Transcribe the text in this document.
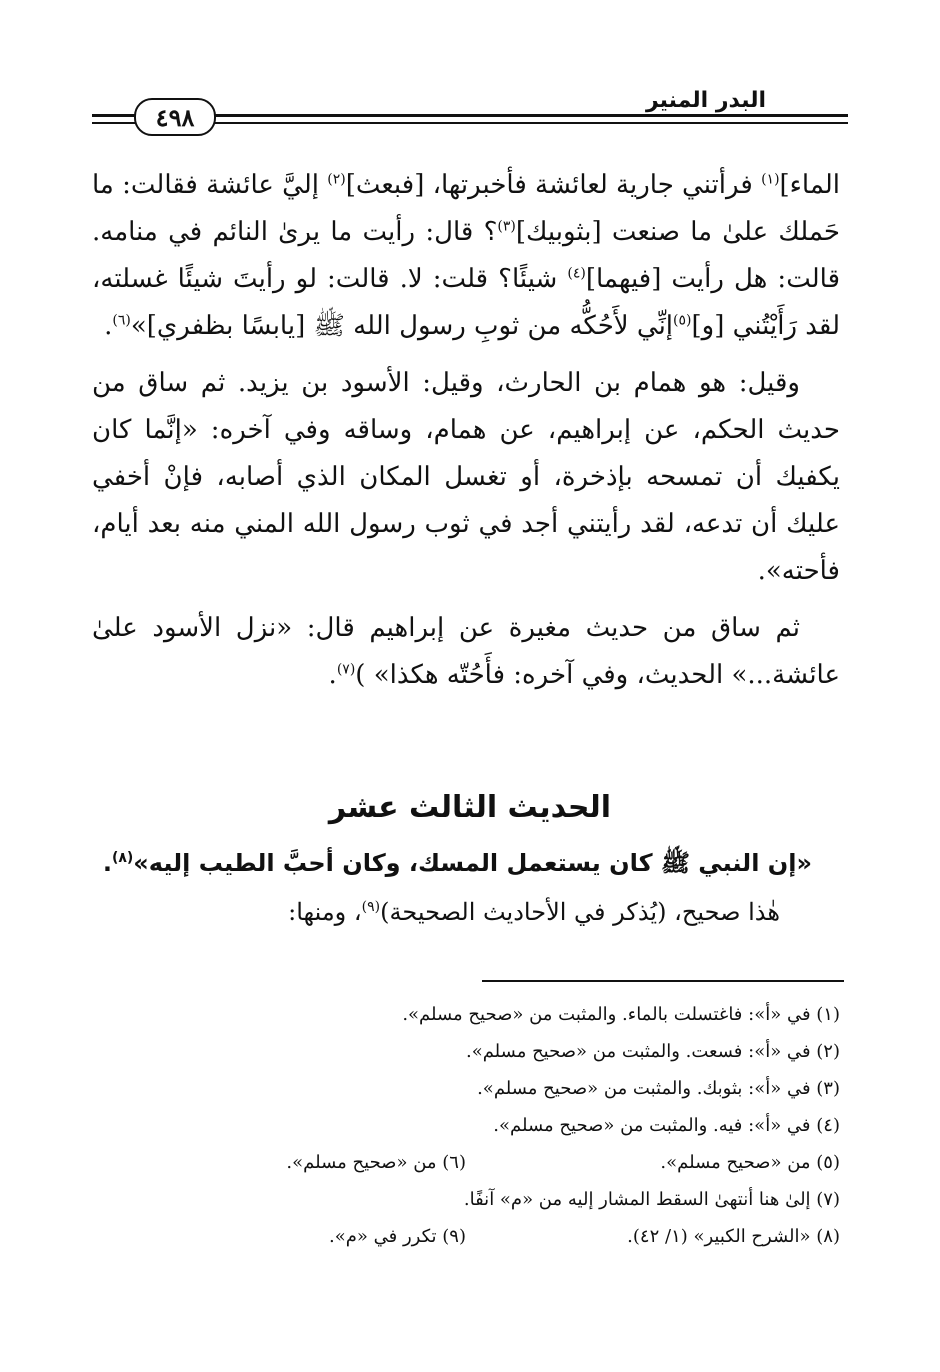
البدر المنير
٤٩٨

الماء]$^{(١)}$ فرأتني جارية لعائشة فأخبرتها، [فبعث]$^{(٢)}$ إليَّ عائشة فقالت: ما حَملك علىٰ ما صنعت [بثوبيك]$^{(٣)}$؟ قال: رأيت ما يرىٰ النائم في منامه. قالت: هل رأيت [فيهما]$^{(٤)}$ شيئًا؟ قلت: لا. قالت: لو رأيتَ شيئًا غسلته، لقد رَأَيْتُني [و]$^{(٥)}$إنِّي لأَحُكُّه من ثوبِ رسول الله ﷺ [يابسًا بظفري]»$^{(٦)}$.

وقيل: هو همام بن الحارث، وقيل: الأسود بن يزيد. ثم ساق من حديث الحكم، عن إبراهيم، عن همام، وساقه وفي آخره: «إنَّما كان يكفيك أن تمسحه بإذخرة، أو تغسل المكان الذي أصابه، فإنْ أخفي عليك أن تدعه، لقد رأيتني أجد في ثوب رسول الله المني منه بعد أيام، فأحته».

ثم ساق من حديث مغيرة عن إبراهيم قال: «نزل الأسود علىٰ عائشة...» الحديث، وفي آخره: فأَحُتّه هكذا» )$^{(٧)}$.

الحديث الثالث عشر

«إن النبي ﷺ كان يستعمل المسك، وكان أحبَّ الطيب إليه»$^{(٨)}$.

هٰذا صحيح، (يُذكر في الأحاديث الصحيحة)$^{(٩)}$، ومنها:

(١) في «أ»: فاغتسلت بالماء. والمثبت من «صحيح مسلم».
(٢) في «أ»: فسعت. والمثبت من «صحيح مسلم».
(٣) في «أ»: بثوبك. والمثبت من «صحيح مسلم».
(٤) في «أ»: فيه. والمثبت من «صحيح مسلم».
(٥) من «صحيح مسلم».
(٦) من «صحيح مسلم».
(٧) إلىٰ هنا أنتهىٰ السقط المشار إليه من «م» آنفًا.
(٨) «الشرح الكبير» (١/ ٤٢).
(٩) تكرر في «م».
